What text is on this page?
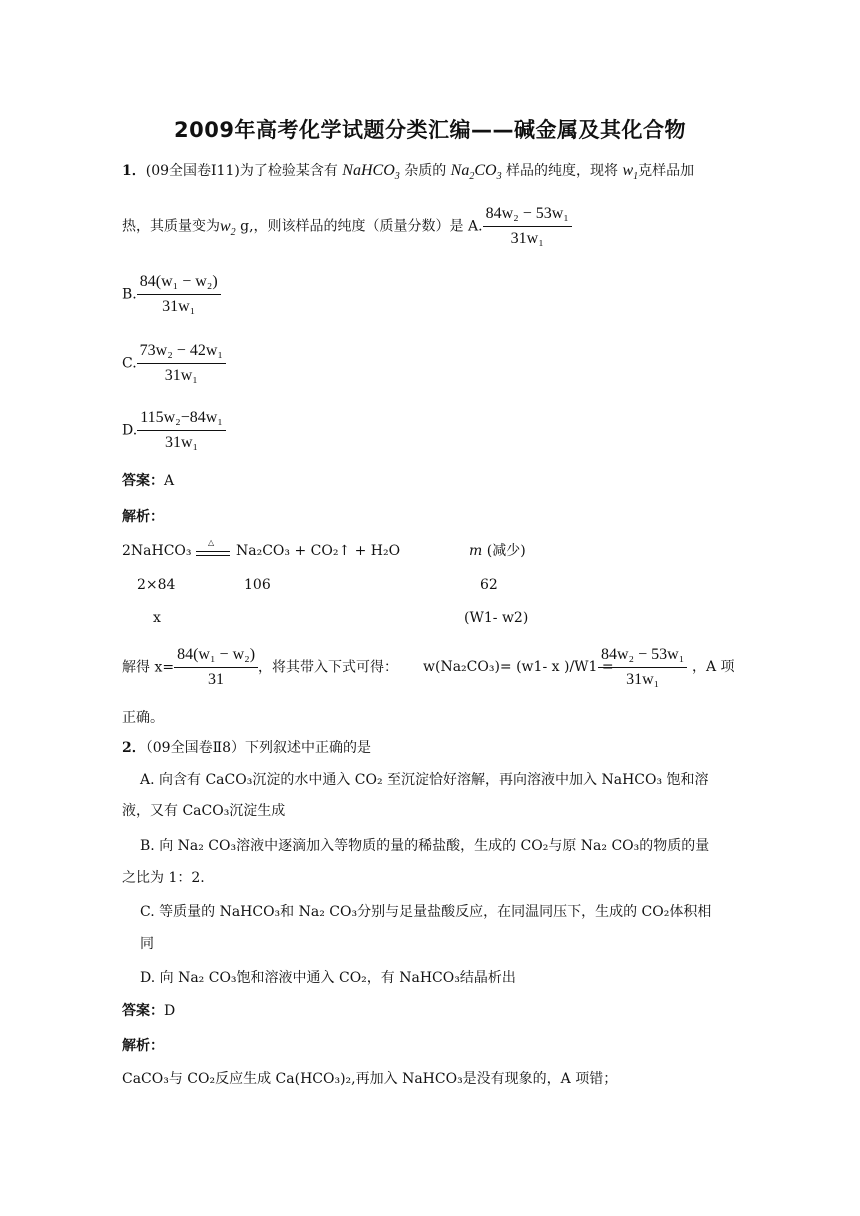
2009年高考化学试题分类汇编——碱金属及其化合物
1．(09全国卷Ⅰ11)为了检验某含有 NaHCO$_3$ 杂质的 $Na_2CO_3$ 样品的纯度，现将 $w_1$克样品加
热，其质量变为$w_2$ g,，则该样品的纯度（质量分数）是 A. $\frac{\text{84w₂ − 53w₁}}{\text{31w₁}}$
B. $\frac{\text{84(w₁ − w₂)}}{\text{31w₁}}$
C. $\frac{\text{73w₂ − 42w₁}}{\text{31w₁}}$
D. $\frac{\text{115w₂−84w₁}}{\text{31w₁}}$
答案：A
解析：
2NaHCO₃
△
Na₂CO₃ + CO₂↑ + H₂O	m (减少)
2×84	106	62
x	(W1- w2)
解得 $x= \frac{\text{84(w₁ − w₂)}}{31}$ ，将其带入下式可得： w(Na₂CO₃)= (w1- x )/W1 =
$\frac{\text{84w₂ − 53w₁}}{\text{31w₁}}$ ，A 项
正确。
2．（09全国卷Ⅱ8）下列叙述中正确的是
A. 向含有 CaCO₃沉淀的水中通入 CO₂ 至沉淀恰好溶解，再向溶液中加入 NaHCO₃ 饱和溶
液，又有 CaCO₃沉淀生成
B. 向 Na₂ CO₃溶液中逐滴加入等物质的量的稀盐酸，生成的 CO₂与原 Na₂ CO₃的物质的量
之比为 1：2.
C. 等质量的 NaHCO₃和 Na₂ CO₃分别与足量盐酸反应，在同温同压下，生成的 CO₂体积相
同
D. 向 Na₂ CO₃饱和溶液中通入 CO₂，有 NaHCO₃结晶析出
答案：D
解析：
CaCO₃与 CO₂反应生成 Ca(HCO₃)₂,再加入 NaHCO₃是没有现象的，A 项错；
